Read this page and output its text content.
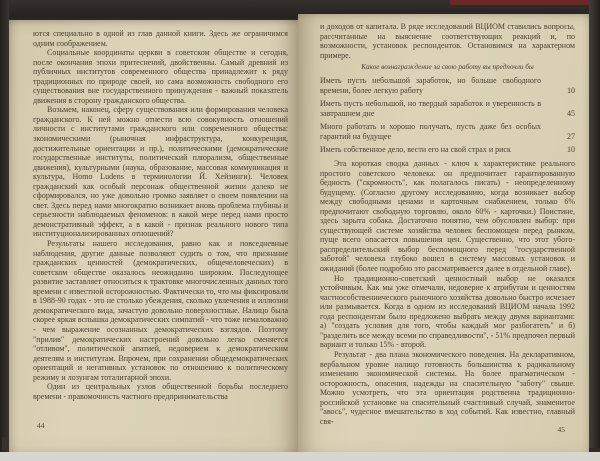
ются специально в одной из глав данной книги. Здесь же ограничимся одним соображением.

Социальные координаты церкви в советском обществе и сегодня, после окончания эпохи притеснений, двойственны. Самый древний из публичных институтов современного общества принадлежит к ряду традиционных по природе своей, но сама возможность свободного его существования вне государственного принуждения - важный показатель движения в сторону гражданского общества.

Возьмем, наконец, сферу существования или формирования человека гражданского. К ней можно отнести всю совокупность отношений личности с институтами гражданского или современного общества: экономическими (рыночная инфраструктура, конкуренция, достижительные ориентации и пр.), политическими (демократические государственные институты, политический плюрализм, общественные движения), культурными (наука, образование, массовая коммуникация и культура, Homo Ludens в терминологии Й. Хейзинги). Человек гражданский как особый персонаж общественной жизни далеко не сформировался, но уже довольно громко заявляет о своем появлении на свет. Здесь перед нами многократно возникает вновь проблема глубины и серьезности наблюдаемых феноменов: в какой мере перед нами просто демонстративный эффект, а в какой - признак реального нового типа институционализированных отношений?

Результаты нашего исследования, равно как и повседневные наблюдения, другие данные позволяют судить о том, что признание гражданских ценностей (демократических, общечеловеческих) в советском обществе оказалось неожиданно широким. Последующее развитие заставляет относиться к трактовке многочисленных данных того времени с известной осторожностью. Фактически то, что мы фиксировали в 1988-90 годах - это не столько убеждения, сколько увлечения и иллюзии демократического вида, зачастую довольно поверхностные. Налицо была скорее яркая вспышка демократических симпатий - что тоже немаловажно - чем выражение осознанных демократических взглядов. Поэтому "прилив" демократических настроений довольно легко сменяется "отливом", политической апатией, недоверием к демократическим деятелям и институтам. Впрочем, при сохранении общедемократических ориентаций и негативных установок по отношению к политическому режиму и лозунгам тоталитарной эпохи.

Один из центральных узлов общественной борьбы последнего времени - правомочность частного предпринимательства

44

и доходов от капитала. В ряде исследований ВЦИОМ ставились вопросы, рассчитанные на выяснение соответствующих реакций и, по возможности, установок респондентов. Остановимся на характерном примере.

Какое вознаграждение за свою работу вы предпочли бы
Иметь пусть небольшой заработок, но больше свободного времени, более легкую работу	10
Иметь пусть небольшой, но твердый заработок и уверенность в завтрашнем дне	45
Много работать и хорошо получать, пусть даже без особых гарантий на будущее	27
Иметь собственное дело, вести его на свой страх и риск	10

Эта короткая сводка данных - ключ к характеристике реального простого советского человека: он предпочитает гарантированную бедность ("скромность", как полагалось писать) - неопределенному будущему. (Согласно другому исследованию, когда возникает выбор между свободными ценами и карточным снабжением, только 6% предпочитают свободную торговлю, около 60% - карточки.) Поистине, здесь зарыта собака. Достаточно понятно, чем обусловлен выбор: при существующей системе хозяйства человек беспомощен перед рынком, пуще всего опасается повышения цен. Существенно, что этот убого-распределительский выбор беспомощного перед "государственной заботой" человека глубоко вошел в систему массовых установок и ожиданий (более подробно это рассматривается далее в отдельной главе).

Но традиционно-советский ценностный выбор не оказался устойчивым. Как мы уже отмечали, недоверие к атрибутам и ценностям частнособственнического рыночного хозяйства довольно быстро исчезает или размывается. Когда в одном из исследований ВЦИОМ начала 1992 года респондентам было предложено выбрать между двумя вариантами: а) "создать условия для того, чтобы каждый мог разбогатеть" и б) "разделить все между всеми по справедливости", - 51% предпочел первый вариант и только 15% - второй.

Результат - два плана экономического поведения. На декларативном, вербальном уровне налицо готовность большинства к радикальному изменению экономической системы. На более прагматическом - осторожность, опасения, надежды на спасительную "заботу" свыше. Можно усмотреть, что эта ориентация родственна традиционно-российской установке на спасительный счастливый случай, знаменитое "авось", чудесное вмешательство в ход событий. Как известно, главный свя-

45
